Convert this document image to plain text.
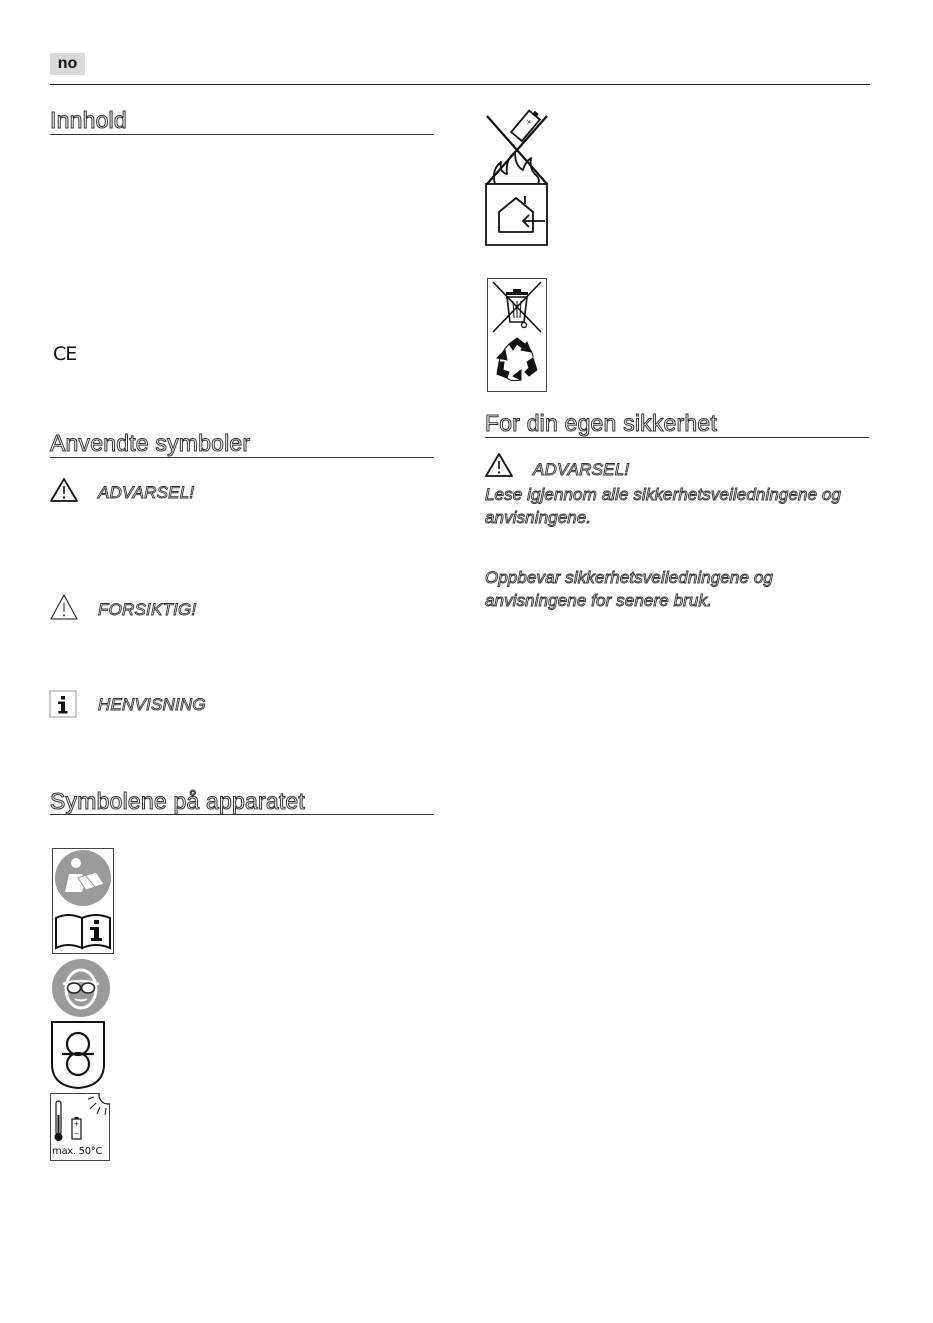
no
Innhold
CE
Anvendte symboler
ADVARSEL!
FORSIKTIG!
HENVISNING
Symbolene på apparatet
+
−
max. 50°C
+
For din egen sikkerhet
ADVARSEL!
Lese igjennom alle sikkerhetsveiledningene og anvisningene.
Oppbevar sikkerhetsveiledningene og anvisningene for senere bruk.
